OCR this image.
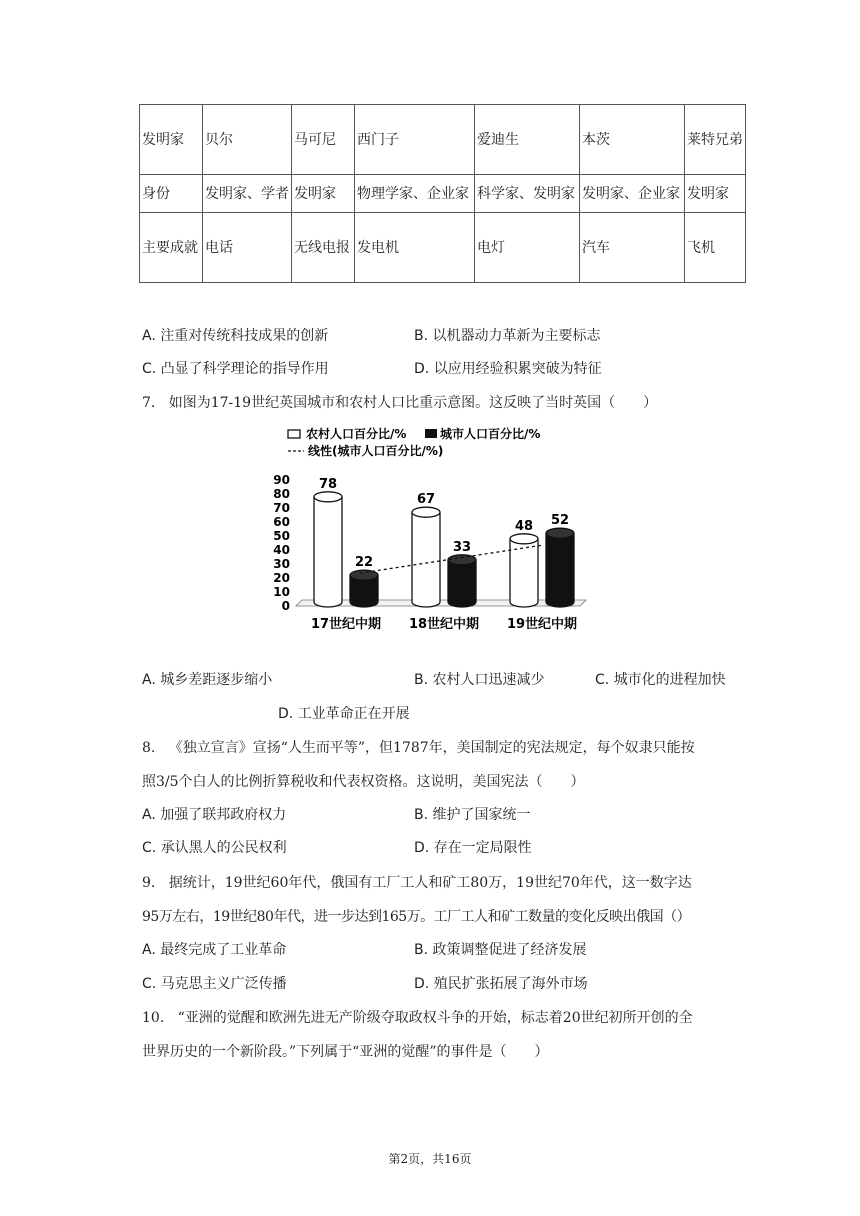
发明家	贝尔	马可尼	西门子	爱迪生	本茨	莱特兄弟
身份	发明家、学者	发明家	物理学家、企业家	科学家、发明家	发明家、企业家	发明家
主要成就	电话	无线电报	发电机	电灯	汽车	飞机
A. 注重对传统科技成果的创新	B. 以机器动力革新为主要标志
C. 凸显了科学理论的指导作用	D. 以应用经验积累突破为特征
7. 如图为17-19世纪英国城市和农村人口比重示意图。这反映了当时英国（　　）
农村人口百分比/%	城市人口百分比/%
线性(城市人口百分比/%)
0
10
20
30
40
50
60
70
80
90 78
22
67
33
48 52
17世纪中期 18世纪中期 19世纪中期
A. 城乡差距逐步缩小	B. 农村人口迅速减少	C. 城市化的进程加快
D. 工业革命正在开展
8. 《独立宣言》宣扬“人生而平等”，但1787年，美国制定的宪法规定，每个奴隶只能按
照3/5个白人的比例折算税收和代表权资格。这说明，美国宪法（　　）
A. 加强了联邦政府权力	B. 维护了国家统一
C. 承认黑人的公民权利	D. 存在一定局限性
9. 据统计，19世纪60年代，俄国有工厂工人和矿工80万，19世纪70年代，这一数字达
95万左右，19世纪80年代，进一步达到165万。工厂工人和矿工数量的变化反映出俄国（）
A. 最终完成了工业革命	B. 政策调整促进了经济发展
C. 马克思主义广泛传播	D. 殖民扩张拓展了海外市场
10. “亚洲的觉醒和欧洲先进无产阶级夺取政权斗争的开始，标志着20世纪初所开创的全
世界历史的一个新阶段。”下列属于“亚洲的觉醒”的事件是（　　）
第2页，共16页
